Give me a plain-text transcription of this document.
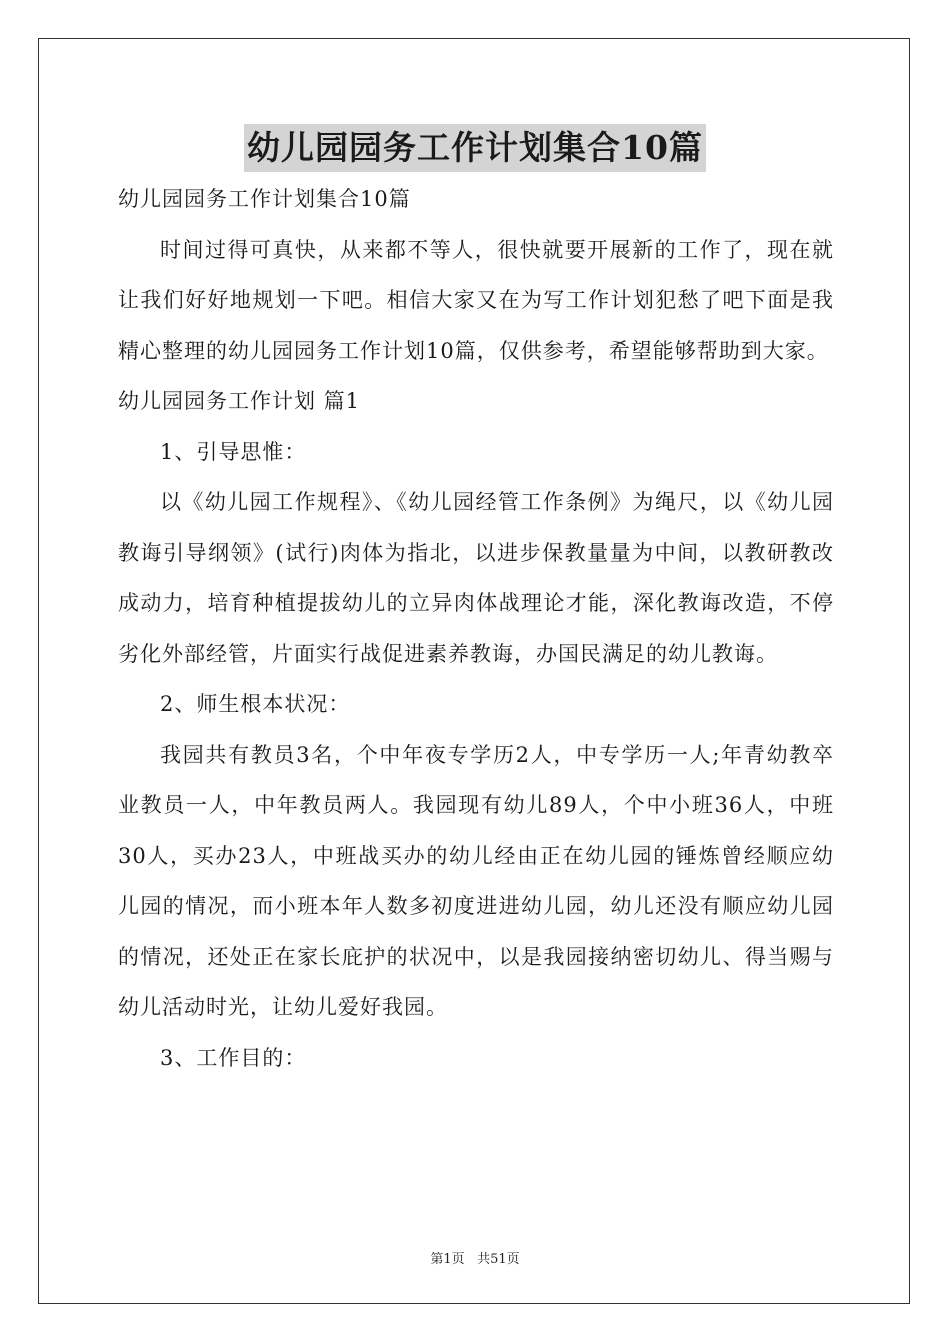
幼儿园园务工作计划集合10篇

幼儿园园务工作计划集合10篇

时间过得可真快，从来都不等人，很快就要开展新的工作了，现在就让我们好好地规划一下吧。相信大家又在为写工作计划犯愁了吧下面是我精心整理的幼儿园园务工作计划10篇，仅供参考，希望能够帮助到大家。

幼儿园园务工作计划 篇1

1、引导思惟：

以《幼儿园工作规程》、《幼儿园经管工作条例》为绳尺，以《幼儿园教诲引导纲领》(试行)肉体为指北，以进步保教量量为中间，以教研教改成动力，培育种植提拔幼儿的立异肉体战理论才能，深化教诲改造，不停劣化外部经管，片面实行战促进素养教诲，办国民满足的幼儿教诲。

2、师生根本状况：

我园共有教员3名，个中年夜专学历2人，中专学历一人;年青幼教卒业教员一人，中年教员两人。我园现有幼儿89人，个中小班36人，中班30人，买办23人，中班战买办的幼儿经由正在幼儿园的锤炼曾经顺应幼儿园的情况，而小班本年人数多初度进进幼儿园，幼儿还没有顺应幼儿园的情况，还处正在家长庇护的状况中，以是我园接纳密切幼儿、得当赐与幼儿活动时光，让幼儿爱好我园。

3、工作目的：

第1页 共51页
